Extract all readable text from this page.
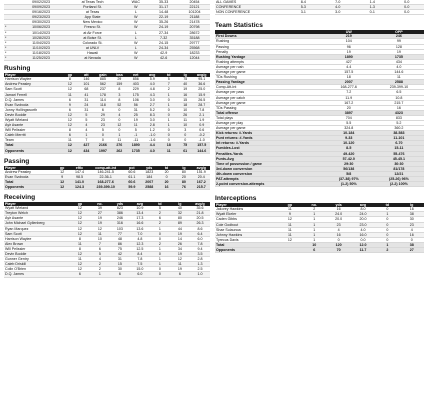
	09/02/2023	at Texas Tech	WAC	35-33	20454
	09/09/2023	Portland St.	W	31-17	22121
	09/16/2023	at Texas	L	14-48	101204
	09/23/2023	App State	W	22-19	21188
	09/30/2023	New Mexico	W	35-26	21478
*	10/06/2023	Fresno St.	W	24-19	20798
*	10/14/2023	at Air Force	L	27-34	28672
*	10/28/2023	at Boise St.	L	7-32	35188
*	11/04/2023	Colorado St.	W	24-15	29777
*	11/10/2023	at UNLV	L	24-34	25568
*	11/18/2023	Hawaii	W	42-9	18233
*	11/25/2023	at Nevada	W	42-6	12044
Rushing
Player	gp	att	gain	loss	net	avg	td	lg	avg/g
Harrison Waylee	8	146	885	29	856	5.9	5	75	95.1
Andrew Peasley	12	101	562	159	403	4.0	7	40	36.6
Sam Scott	12	68	237	8	229	4.8	2	19	25.0
Jamari Ferrell	11	41	178	3	175	4.3	1	16	15.9
D.Q. James	6	31	114	8	106	3.0	0	15	26.5
Evan Svoboda	9	24	118	52	56	2.7	1	18	28.7
Jonny Hollingsworth	6	31	6	0	31	5.2	0	10	7.8
Devin Boddie	12	5	29	4	25	8.3	0	26	2.1
Wyatt Wieland	12	5	23	0	19	3.0	1	11	1.9
Ayir Asante	12	4	23	12	11	2.8	1	10	0.9
Will Pelissier	8	4	5	0	5	1.2	0	3	0.6
Caleb Merritt	6	1	0	1	-1	-1.0	0	0	-0.2
Team	11	7	0	11	-11	-1.6	0	0	-1.0
Total	12	427	2166	276	1890	4.4	18	75	157.5
Opponents	12	434	1997	262	1735	4.0	11	61	144.6
Passing
Player	gp	effic	comp-att-int	pct	yds	td	lg	avg/g
Andrew Peasley	12	147.4	146-241-5	60.6	1823	20	80	151.9
Evan Svoboda	9	98.5	22-36-1	61.1	184	0	20	20.4
Total	12	141.0	168-277-6	60.6	2007	20	80	167.2
Opponents	12	124.3	239-399-10	59.9	2588	16	76	215.7
Receiving
Player	gp	no.	yds	avg	td	lg	avg/g
Wyatt Wieland	12	39	823	10.9	5	40	35.6
Treyton Welch	12	27	386	13.4	2	32	21.8
Ayir Asante	12	19	246	17.3	6	80	20.5
John Michael Gyllenberg	12	19	316	16.6	2	89	26.3
Ryan Marquez	12	12	103	13.6	1	44	8.6
Sam Scott	12	11	77	7.0	0	19	6.4
Harrison Waylee	8	10	48	4.8	0	14	6.0
Alex Brown	11	7	86	12.3	2	26	7.8
Will Pelissier	8	6	75	12.5	1	34	9.4
Devin Boddie	12	5	42	8.4	0	19	3.5
Gunner Gentry	11	4	31	7.8	1	12	2.8
Caleb Driskill	12	2	15	7.5	1	11	1.3
Colin O'Brien	12	2	30	15.0	0	19	2.5
D.Q. James	6	1	6	6.0	0	6	1.0
ALL GAMES	8-4	7-0	1-4	0-0
CONFERENCE	5-3	4-0	1-3	0-0
NON CONFERENCE	3-1	3-0	0-1	0-0
Team Statistics
	UW	OPP
First Downs	219	246
Rushing	104	99
Passing	96	128
Penalty	19	19
Rushing Yardage	1890	1735
Rushing attempts	427	434
Average per rush	4.4	4.0
Average per game	157.5	144.6
TDs Rushing	18	11
Passing Yardage	2007	2588
Comp-Att-Int	168-277-6	239-399-10
Average per pass	7.2	6.5
Average per catch	11.9	10.8
Average per game	167.2	215.7
TDs Passing	20	16
Total offense	3897	4323
Total plays	704	833
Average per play	5.5	5.2
Average per game	324.8	360.2
Kick returns: #-Yards	10-184	38-583
Punt returns: #-Yards	9-33	11-101
Int returns: #-Yards	10-120	6-70
Fumbles-Lost	8-5	15-11
Penalties-Yards	49-420	55-476
Punts-Avg	57-42.0	45-45.1
Time of possession / game	29:30	30:30
3rd-down conversion	56/138	81/178
4th-down conversion	5/8	12/21
PAT-attempts	(37-38) 97%	(25-26) 96%
2-point conversion-attempts	(1-2) 50%	(2-2) 100%
Interceptions
Player	gp	no.	yds	avg	td	lg
Jakorey Hawkins	11	2	16	8.0	0	16
Wyatt Ekeler	9	1	24.0	24.0	1	38
Caden Gibbs	12	1	20.0	20.0	0	30
Cole Godbout	11	1	23	23.0	0	23
Shae Suiaunoa	11	1	4	4.0	0	4
Johnny Hawkins	11	1	16	16.0	0	16
Tyrecus Davis	12	1	0	0.0	0	0
Total		10	120	12.0	1	38
Opponents		6	70	11.7	2	27
